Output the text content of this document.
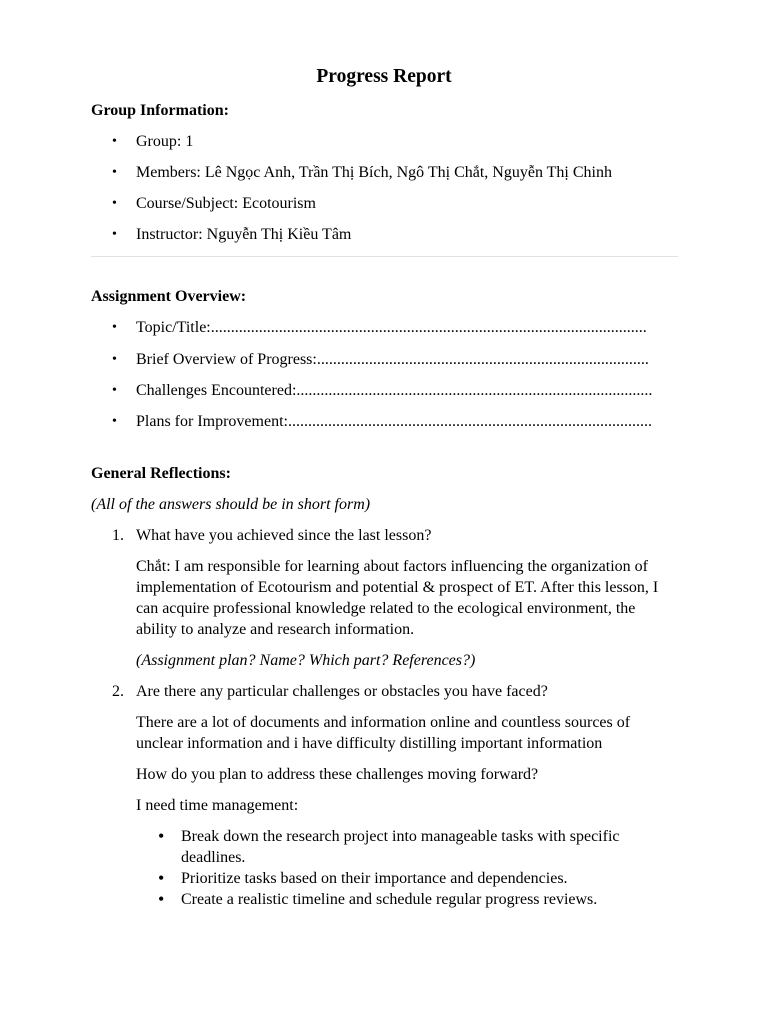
Progress Report
Group Information:
• Group: 1
• Members: Lê Ngọc Anh, Trần Thị Bích, Ngô Thị Chắt, Nguyễn Thị Chinh
• Course/Subject: Ecotourism
• Instructor: Nguyễn Thị Kiều Tâm
Assignment Overview:
• Topic/Title:.............................................................................................................
• Brief Overview of Progress:...................................................................................
• Challenges Encountered:.........................................................................................
• Plans for Improvement:...........................................................................................
General Reflections:
(All of the answers should be in short form)
1. What have you achieved since the last lesson?
Chắt: I am responsible for learning about factors influencing the organization of implementation of Ecotourism and potential & prospect of ET. After this lesson, I can acquire professional knowledge related to the ecological environment, the ability to analyze and research information.
(Assignment plan? Name? Which part? References?)
2. Are there any particular challenges or obstacles you have faced?
There are a lot of documents and information online and countless sources of unclear information and i have difficulty distilling important information
How do you plan to address these challenges moving forward?
I need time management:
• Break down the research project into manageable tasks with specific deadlines.
• Prioritize tasks based on their importance and dependencies.
• Create a realistic timeline and schedule regular progress reviews.
